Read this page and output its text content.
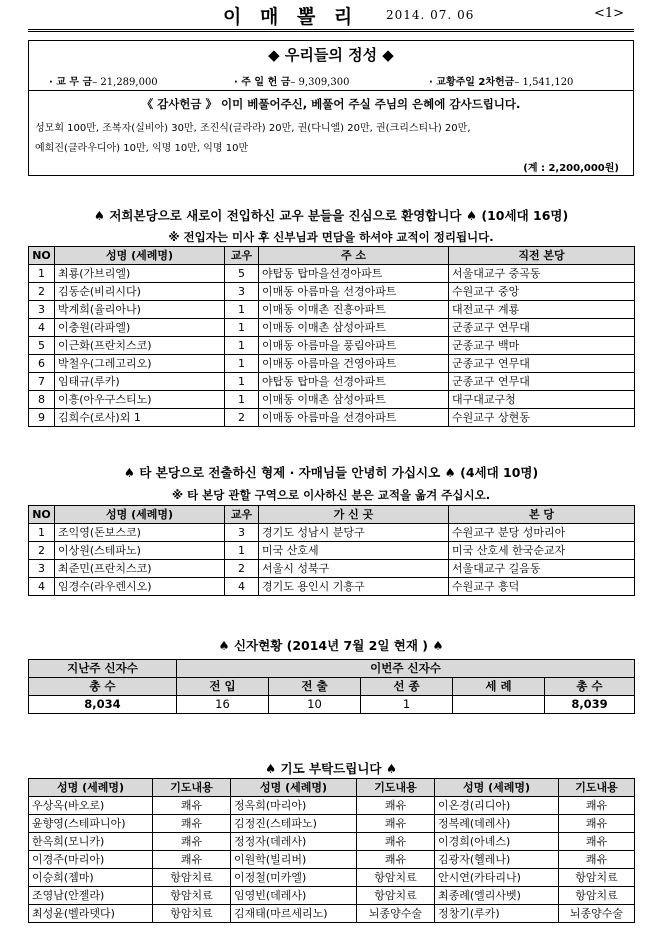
이 매 뽈 리 2014. 07. 06	<1>
◆ 우리들의 정성 ◆
· 교 무 금– 21,289,000	· 주 일 헌 금– 9,309,300	· 교황주일 2차헌금– 1,541,120
《 감사헌금 》 이미 베풀어주신, 베풀어 주실 주님의 은혜에 감사드립니다.
성모회 100만, 조복자(실비아) 30만, 조진식(글라라) 20만, 권(다니엘) 20만, 권(크리스티나) 20만,
예희진(클라우디아) 10만, 익명 10만, 익명 10만
(계 : 2,200,000원)
♠ 저희본당으로 새로이 전입하신 교우 분들을 진심으로 환영합니다 ♠ (10세대 16명)
※ 전입자는 미사 후 신부님과 면담을 하셔야 교적이 정리됩니다.
NO	성명 (세례명)	교우	주 소	직전 본당
1	최룡(가브리엘)	5	야탑동 탑마을선경아파트	서울대교구 중곡동
2	김동순(비리시다)	3	이매동 아름마을 선경아파트	수원교구 중앙
3	박계희(율리아나)	1	이매동 이매촌 진흥아파트	대전교구 계룡
4	이충원(라파엘)	1	이매동 이매촌 삼성아파트	군종교구 연무대
5	이근화(프란치스코)	1	이매동 아름마을 풍림아파트	군종교구 백마
6	박철우(그레고리오)	1	이매동 아름마을 건영아파트	군종교구 연무대
7	임태규(루카)	1	야탑동 탑마을 선경아파트	군종교구 연무대
8	이흥(아우구스티노)	1	이매동 이매촌 삼성아파트	대구대교구청
9	김희수(로사)외 1	2	이매동 아름마을 선경아파트	수원교구 상현동
♠ 타 본당으로 전출하신 형제 · 자매님들 안녕히 가십시오 ♠ (4세대 10명)
※ 타 본당 관할 구역으로 이사하신 분은 교적을 옮겨 주십시오.
NO	성명 (세례명)	교우	가 신 곳	본 당
1	조익영(돈보스코)	3	경기도 성남시 분당구	수원교구 분당 성마리아
2	이상원(스테파노)	1	미국 산호세	미국 산호세 한국순교자
3	최준민(프란치스코)	2	서울시 성북구	서울대교구 길음동
4	임경수(라우렌시오)	4	경기도 용인시 기흥구	수원교구 흥덕
♠ 신자현황 (2014년 7월 2일 현재 ) ♠
지난주 신자수	이번주 신자수				
총 수	전 입	전 출	선 종	세 례	총 수
8,034	16	10	1		8,039
♠ 기도 부탁드립니다 ♠
성명 (세례명)	기도내용	성명 (세례명)	기도내용	성명 (세례명)	기도내용
우상옥(바오로)	쾌유	정옥희(마리아)	쾌유	이온경(리디아)	쾌유
윤향영(스테파니아)	쾌유	김정진(스테파노)	쾌유	정복례(데레사)	쾌유
한옥희(모니카)	쾌유	정정자(데레사)	쾌유	이경희(아녜스)	쾌유
이경주(마리아)	쾌유	이원학(빌리버)	쾌유	김광자(헬레나)	쾌유
이승희(젬마)	항암치료	이정철(미카엘)	항암치료	안시연(카타리나)	항암치료
조영남(안젤라)	항암치료	임영빈(데레사)	항암치료	최종례(엘리사벳)	항암치료
최성윤(벨라뎃다)	항암치료	김재태(마르세리노)	뇌종양수술	정창기(루카)	뇌종양수술
